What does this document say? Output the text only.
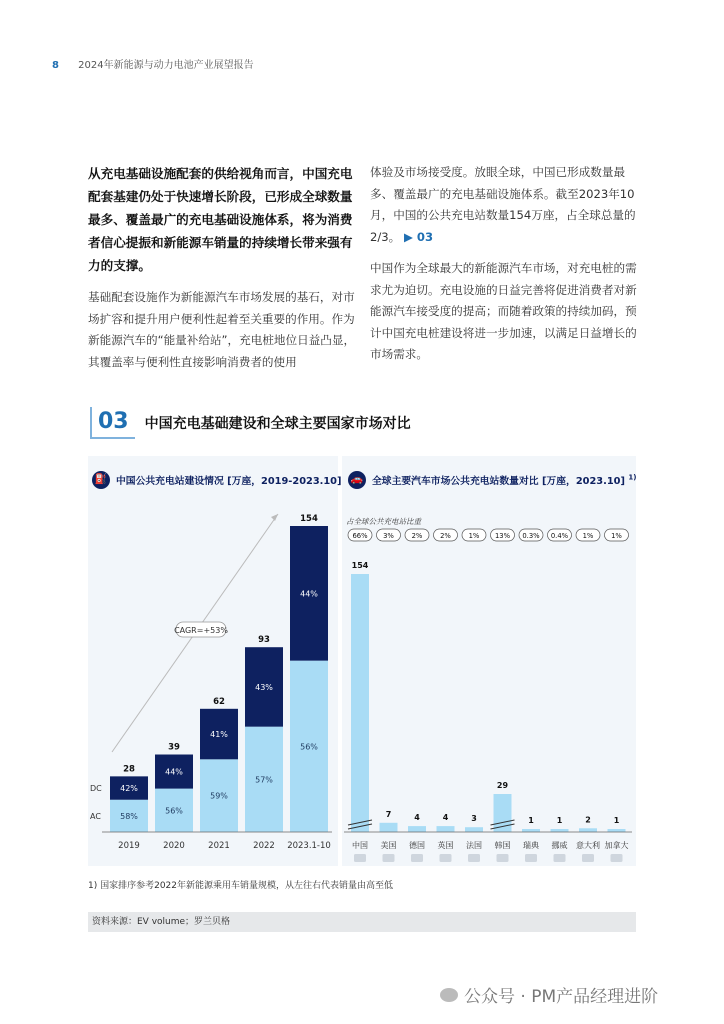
8 2024年新能源与动力电池产业展望报告

从充电基础设施配套的供给视角而言，中国充电配套基建仍处于快速增长阶段，已形成全球数量最多、覆盖最广的充电基础设施体系，将为消费者信心提振和新能源车销量的持续增长带来强有力的支撑。

基础配套设施作为新能源汽车市场发展的基石，对市场扩容和提升用户便利性起着至关重要的作用。作为新能源汽车的“能量补给站”，充电桩地位日益凸显，其覆盖率与便利性直接影响消费者的使用

体验及市场接受度。放眼全球，中国已形成数量最多、覆盖最广的充电基础设施体系。截至2023年10月，中国的公共充电站数量154万座，占全球总量的2/3。 ▶ 03

中国作为全球最大的新能源汽车市场，对充电桩的需求尤为迫切。充电设施的日益完善将促进消费者对新能源汽车接受度的提高；而随着政策的持续加码，预计中国充电桩建设将进一步加速，以满足日益增长的市场需求。

03	中国充电基础建设和全球主要国家市场对比
⛽ 中国公共充电站建设情况 [万座，2019-2023.10] 🚗 全球主要汽车市场公共充电站数量对比 [万座，2023.10] $^{1)}$
CAGR=+53%
58%
42%
28
2019
56%
44%
39
2020
59%
41%
62
2021
57%
43%
93
2022
56%
44%
154
2023.1-10
AC
DC
占全球公共充电站比重
66%
154
中国
3%
7
美国
2%
4
德国
2%
4
英国
1%
3
法国
13%
29
韩国
0.3%
1
瑞典
0.4%
1
挪威
1%
2
意大利
1%
1
加拿大
1) 国家排序参考2022年新能源乘用车销量规模，从左往右代表销量由高至低
资料来源：EV volume；罗兰贝格
公众号 · PM产品经理进阶
